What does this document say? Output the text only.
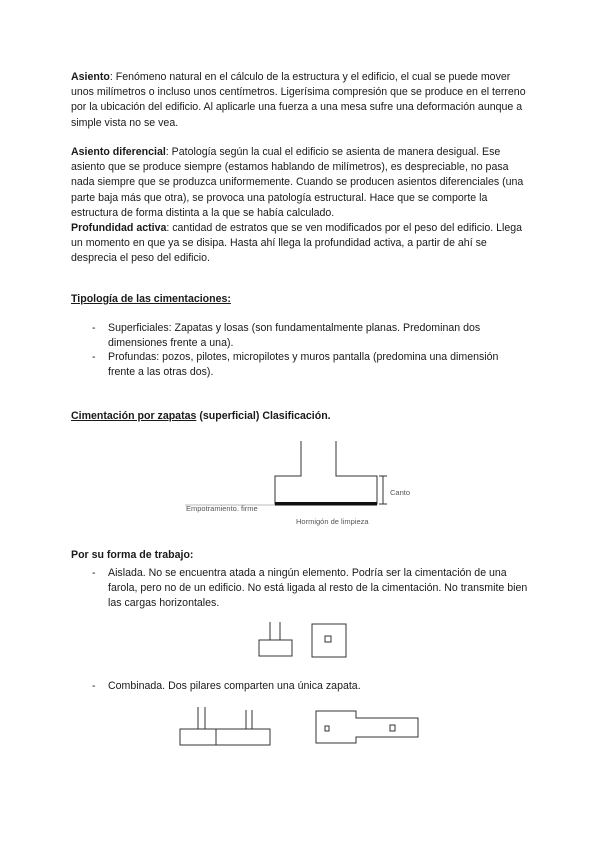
Asiento: Fenómeno natural en el cálculo de la estructura y el edificio, el cual se puede mover unos milímetros o incluso unos centímetros. Ligerísima compresión que se produce en el terreno por la ubicación del edificio. Al aplicarle una fuerza a una mesa sufre una deformación aunque a simple vista no se vea.
Asiento diferencial: Patología según la cual el edificio se asienta de manera desigual. Ese asiento que se produce siempre (estamos hablando de milímetros), es despreciable, no pasa nada siempre que se produzca uniformemente. Cuando se producen asientos diferenciales (una parte baja más que otra), se provoca una patología estructural. Hace que se comporte la estructura de forma distinta a la que se había calculado.
Profundidad activa: cantidad de estratos que se ven modificados por el peso del edificio. Llega un momento en que ya se disipa. Hasta ahí llega la profundidad activa, a partir de ahí se desprecia el peso del edificio.
Tipología de las cimentaciones:
- Superficiales: Zapatas y losas (son fundamentalmente planas. Predominan dos dimensiones frente a una).
- Profundas: pozos, pilotes, micropilotes y muros pantalla (predomina una dimensión frente a las otras dos).
Cimentación por zapatas (superficial) Clasificación.
Canto
Empotramiento. firme
Hormigón de limpieza
Por su forma de trabajo:
- Aislada. No se encuentra atada a ningún elemento. Podría ser la cimentación de una farola, pero no de un edificio. No está ligada al resto de la cimentación. No transmite bien las cargas horizontales.
- Combinada. Dos pilares comparten una única zapata.
